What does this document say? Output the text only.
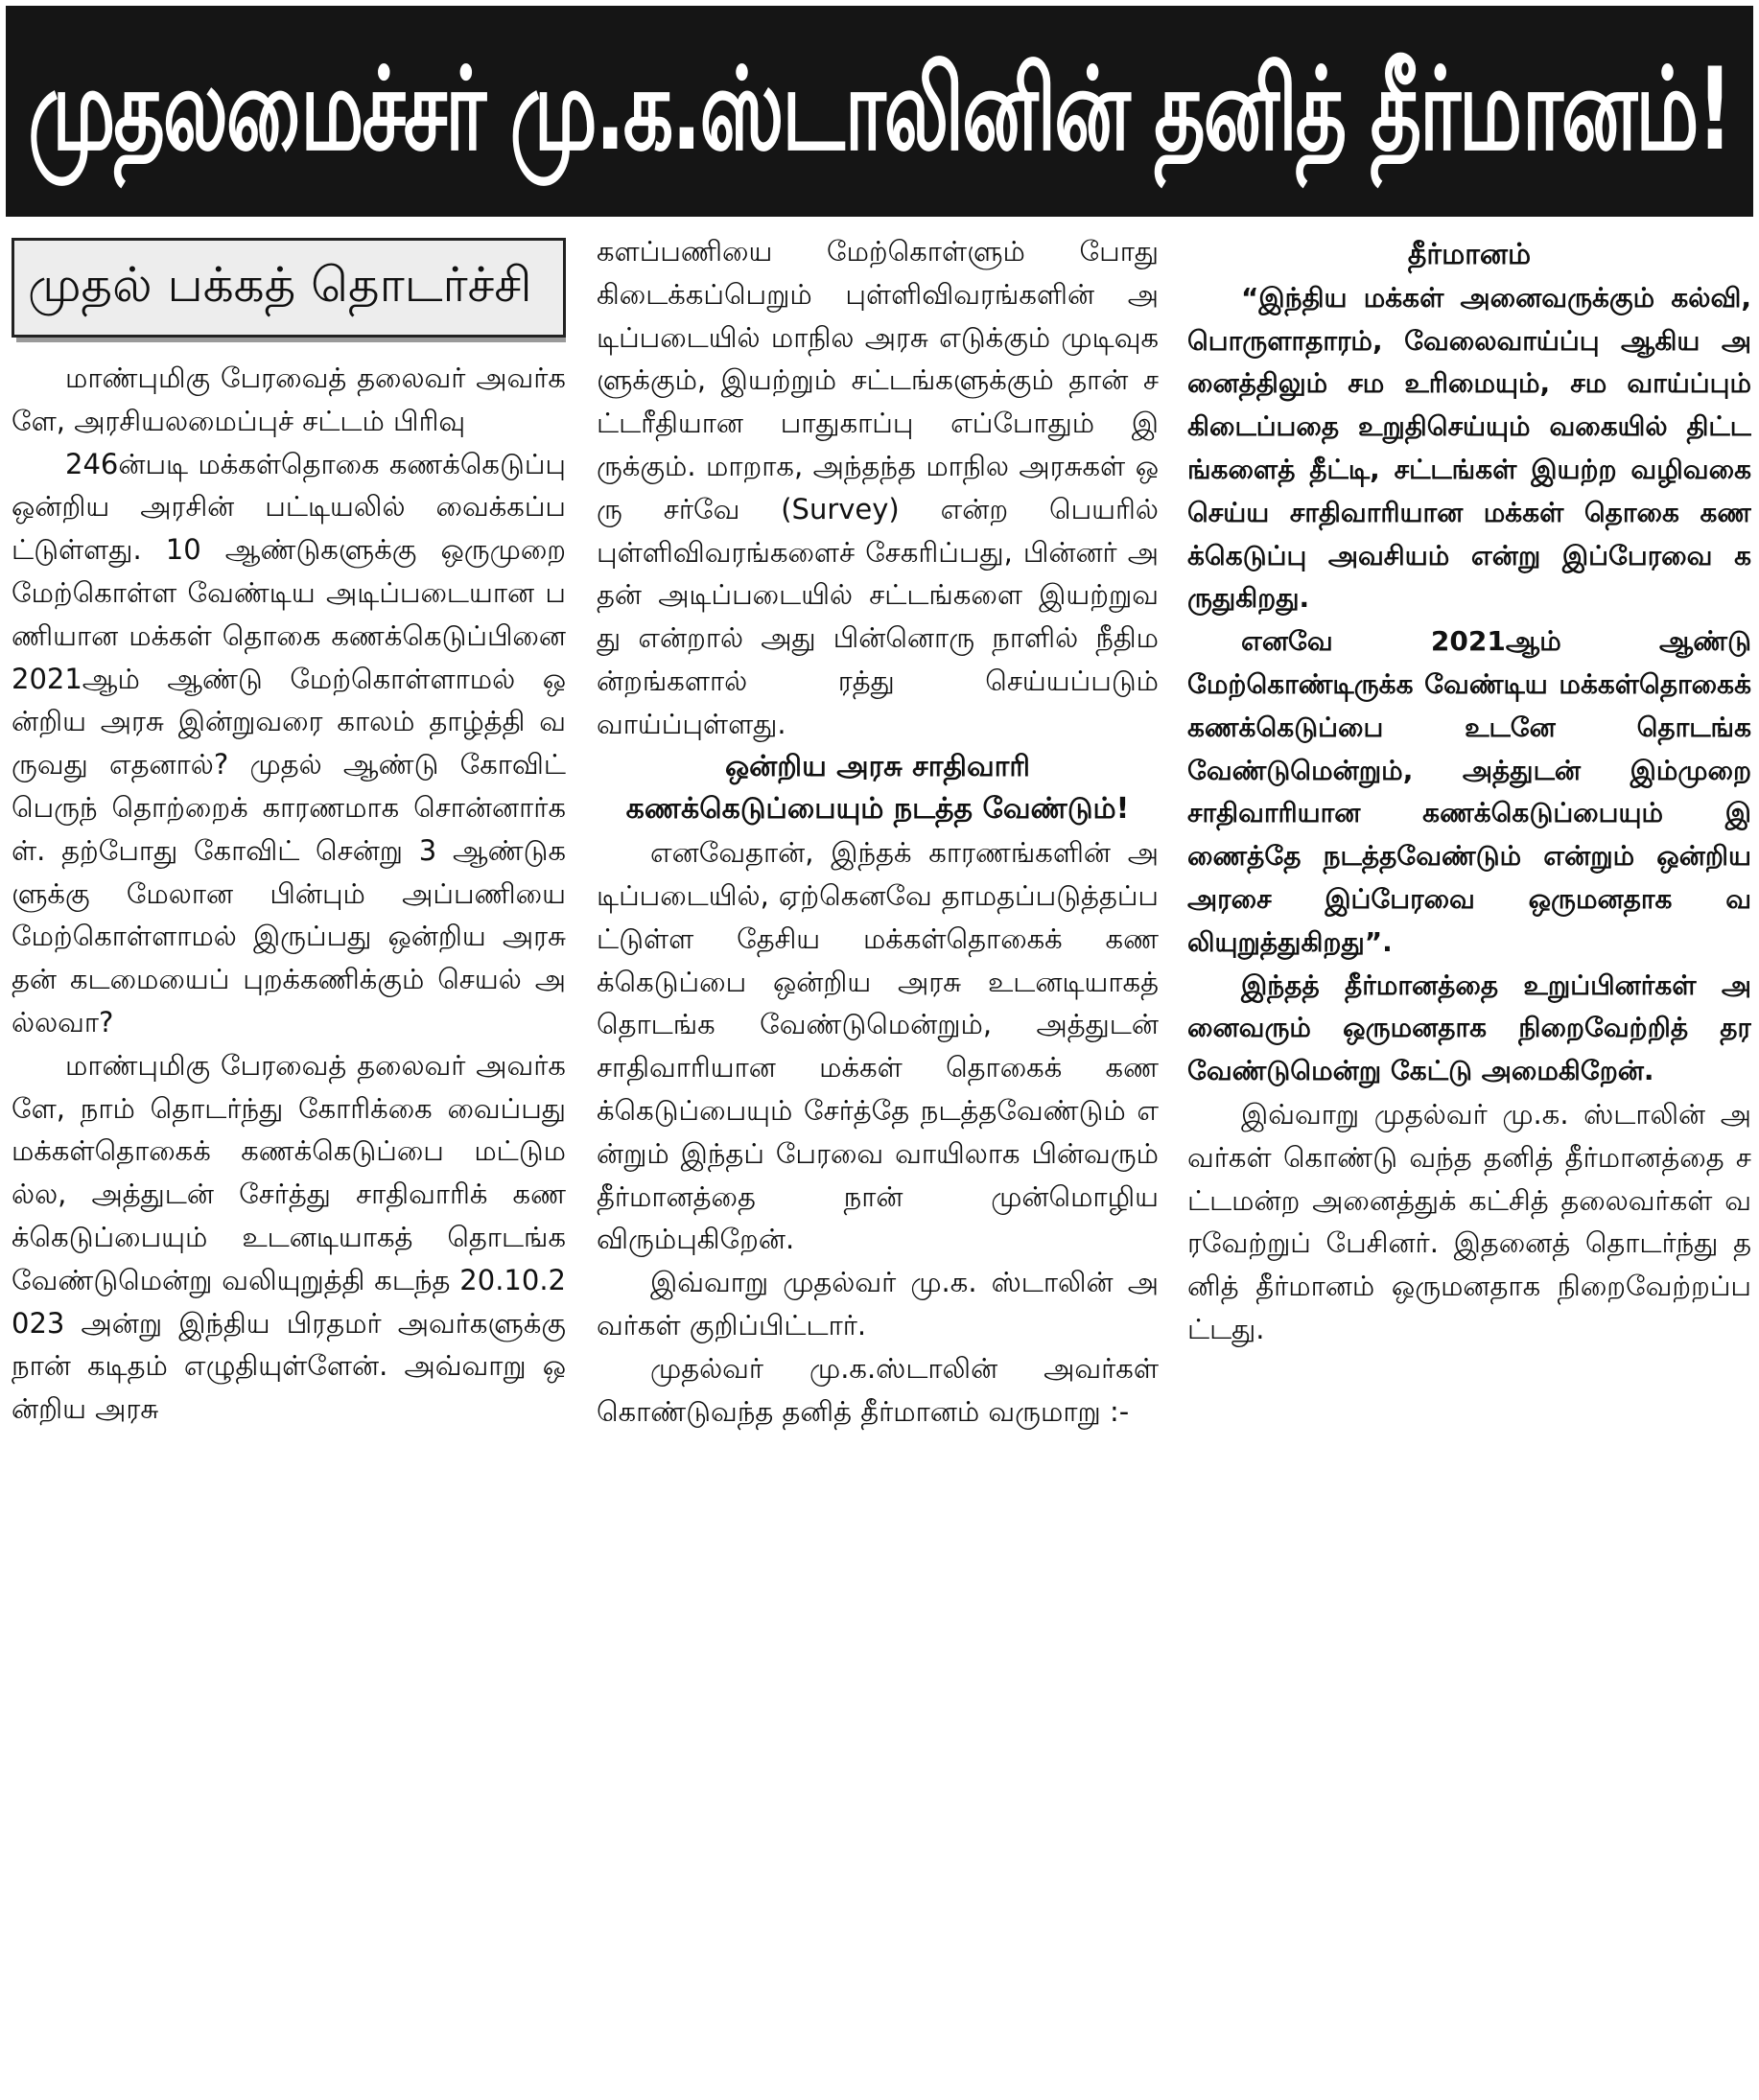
முதலமைச்சர் மு.க.ஸ்டாலினின் தனித் தீர்மானம்!
முதல் பக்கத் தொடர்ச்சி

மாண்புமிகு பேரவைத் தலைவர் அவர்களே, அரசியலமைப்புச் சட்டம் பிரிவு

246ன்படி மக்கள்தொகை கணக்கெடுப்பு ஒன்றிய அரசின் பட்டியலில் வைக்கப்பட்டுள்ளது. 10 ஆண்டுகளுக்கு ஒருமுறை மேற்கொள்ள வேண்டிய அடிப்படையான பணியான மக்கள் தொகை கணக்கெடுப்பினை 2021ஆம் ஆண்டு மேற்கொள்ளாமல் ஒன்றிய அரசு இன்றுவரை காலம் தாழ்த்தி வருவது எதனால்? முதல் ஆண்டு கோவிட் பெருந் தொற்றைக் காரணமாக சொன்னார்கள். தற்போது கோவிட் சென்று 3 ஆண்டுகளுக்கு மேலான பின்பும் அப்பணியை மேற்கொள்ளாமல் இருப்பது ஒன்றிய அரசு தன் கடமையைப் புறக்கணிக்கும் செயல் அல்லவா?

மாண்புமிகு பேரவைத் தலைவர் அவர்களே, நாம் தொடர்ந்து கோரிக்கை வைப்பது மக்கள்தொகைக் கணக்கெடுப்பை மட்டுமல்ல, அத்துடன் சேர்த்து சாதிவாரிக் கணக்கெடுப்பையும் உடனடியாகத் தொடங்க வேண்டுமென்று வலியுறுத்தி கடந்த 20.10.2023 அன்று இந்திய பிரதமர் அவர்களுக்கு நான் கடிதம் எழுதியுள்ளேன். அவ்வாறு ஒன்றிய அரசு

களப்பணியை மேற்கொள்ளும் போது கிடைக்கப்பெறும் புள்ளிவிவரங்களின் அடிப்படையில் மாநில அரசு எடுக்கும் முடிவுகளுக்கும், இயற்றும் சட்டங்களுக்கும் தான் சட்டரீதியான பாதுகாப்பு எப்போதும் இருக்கும். மாறாக, அந்தந்த மாநில அரசுகள் ஒரு சர்வே (Survey) என்ற பெயரில் புள்ளிவிவரங்களைச் சேகரிப்பது, பின்னர் அதன் அடிப்படையில் சட்டங்களை இயற்றுவது என்றால் அது பின்னொரு நாளில் நீதிமன்றங்களால் ரத்து செய்யப்படும் வாய்ப்புள்ளது.

ஒன்றிய அரசு சாதிவாரி
கணக்கெடுப்பையும் நடத்த வேண்டும்!

எனவேதான், இந்தக் காரணங்களின் அடிப்படையில், ஏற்கெனவே தாமதப்படுத்தப்பட்டுள்ள தேசிய மக்கள்தொகைக் கணக்கெடுப்பை ஒன்றிய அரசு உடனடியாகத் தொடங்க வேண்டுமென்றும், அத்துடன் சாதிவாரியான மக்கள் தொகைக் கணக்கெடுப்பையும் சேர்த்தே நடத்தவேண்டும் என்றும் இந்தப் பேரவை வாயிலாக பின்வரும் தீர்மானத்தை நான் முன்மொழிய விரும்புகிறேன்.

இவ்வாறு முதல்வர் மு.க. ஸ்டாலின் அவர்கள் குறிப்பிட்டார்.

முதல்வர் மு.க.ஸ்டாலின் அவர்கள் கொண்டுவந்த தனித் தீர்மானம் வருமாறு :-

தீர்மானம்

“இந்திய மக்கள் அனைவருக்கும் கல்வி, பொருளாதாரம், வேலைவாய்ப்பு ஆகிய அனைத்திலும் சம உரிமையும், சம வாய்ப்பும் கிடைப்பதை உறுதிசெய்யும் வகையில் திட்டங்களைத் தீட்டி, சட்டங்கள் இயற்ற வழிவகை செய்ய சாதிவாரியான மக்கள் தொகை கணக்கெடுப்பு அவசியம் என்று இப்பேரவை கருதுகிறது.

எனவே 2021ஆம் ஆண்டு மேற்கொண்டிருக்க வேண்டிய மக்கள்தொகைக் கணக்கெடுப்பை உடனே தொடங்க வேண்டுமென்றும், அத்துடன் இம்முறை சாதிவாரியான கணக்கெடுப்பையும் இணைத்தே நடத்தவேண்டும் என்றும் ஒன்றிய அரசை இப்பேரவை ஒருமனதாக வலியுறுத்துகிறது”.

இந்தத் தீர்மானத்தை உறுப்பினர்கள் அனைவரும் ஒருமனதாக நிறைவேற்றித் தரவேண்டுமென்று கேட்டு அமைகிறேன்.

இவ்வாறு முதல்வர் மு.க. ஸ்டாலின் அவர்கள் கொண்டு வந்த தனித் தீர்மானத்தை சட்டமன்ற அனைத்துக் கட்சித் தலைவர்கள் வரவேற்றுப் பேசினர். இதனைத் தொடர்ந்து தனித் தீர்மானம் ஒருமனதாக நிறைவேற்றப்பட்டது.
